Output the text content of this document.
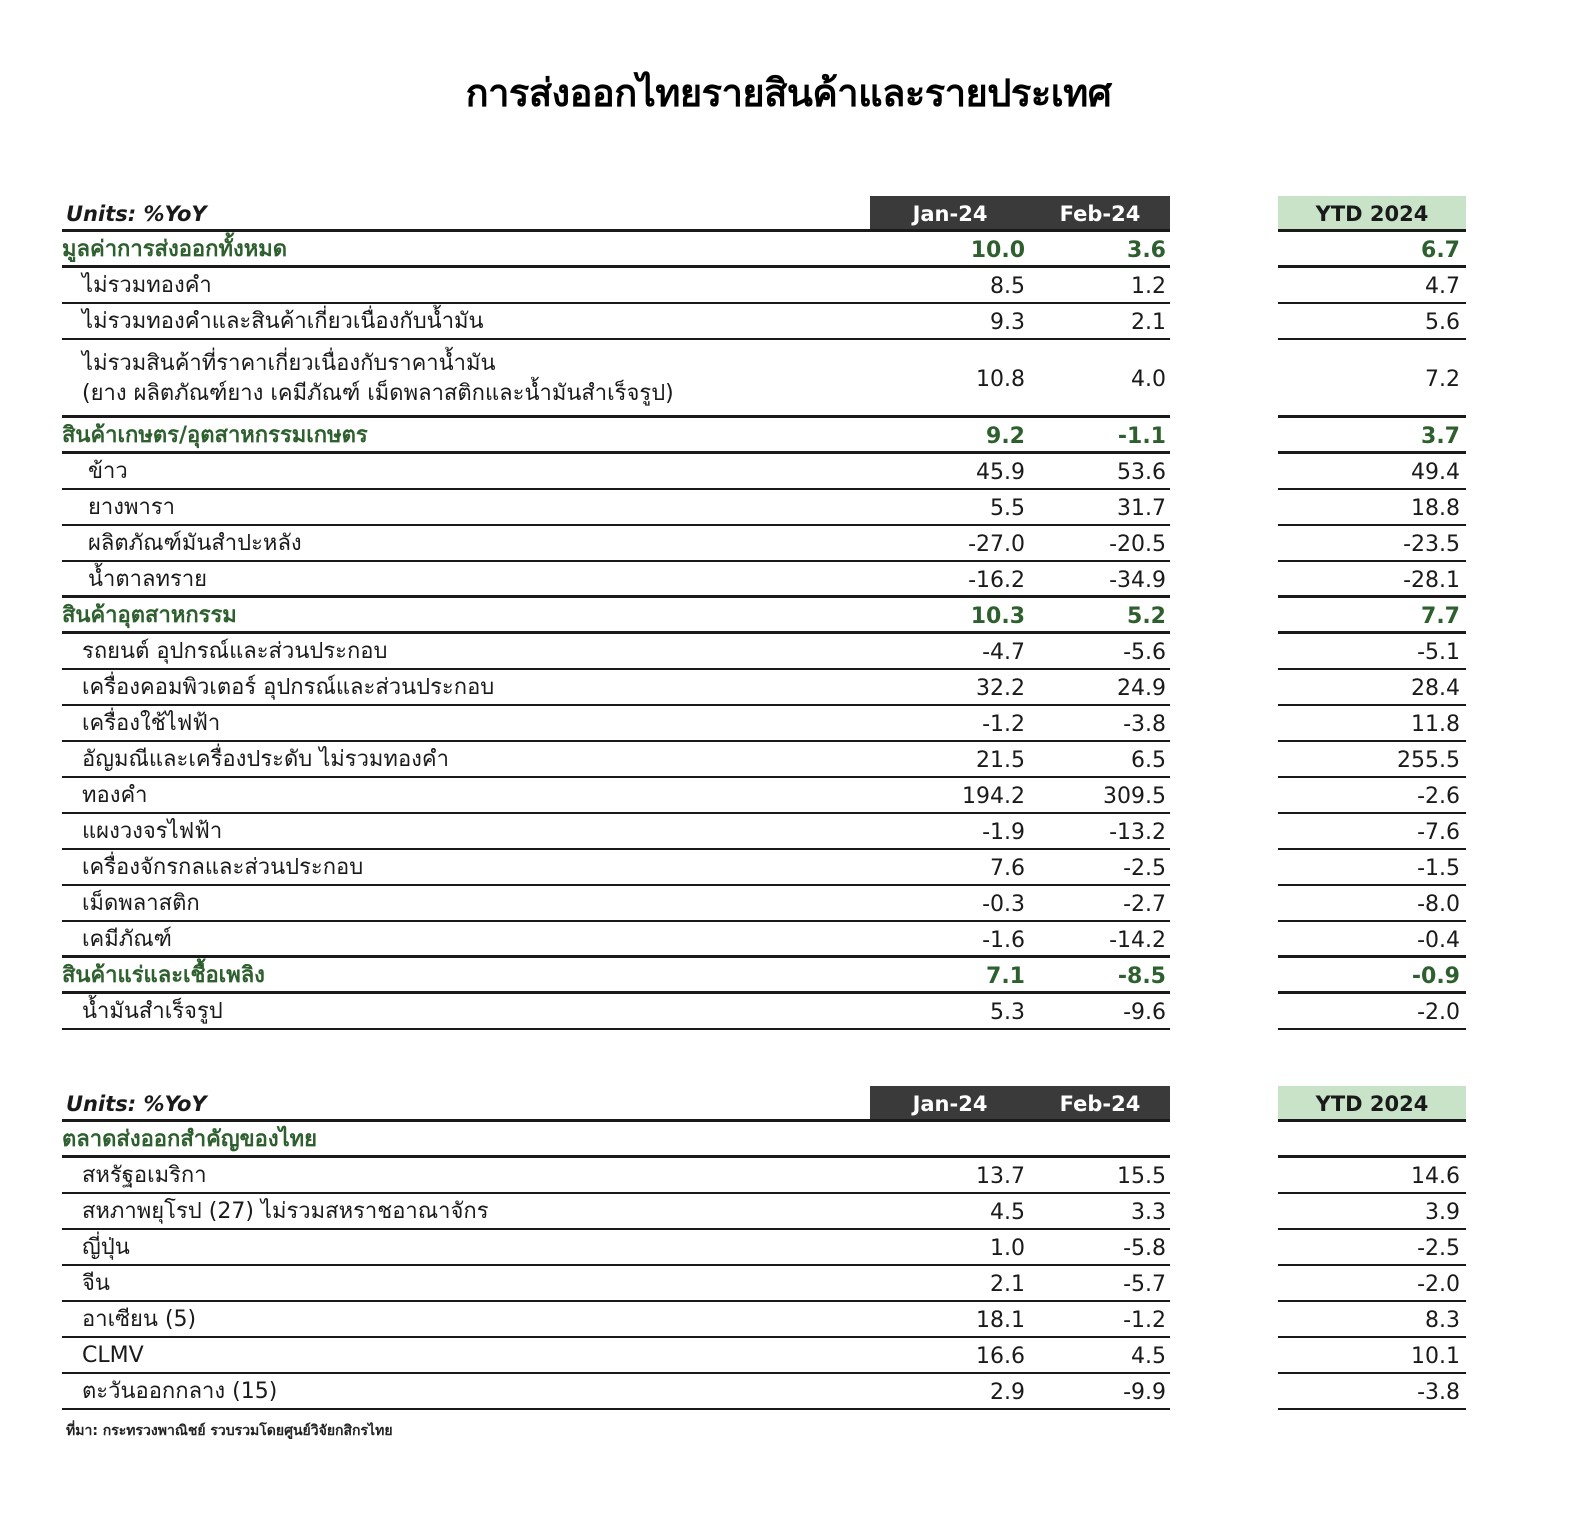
การส่งออกไทยรายสินค้าและรายประเทศ
Units: %YoY	Jan-24	Feb-24	YTD 2024
มูลค่าการส่งออกทั้งหมด	10.0	3.6	6.7
ไม่รวมทองคำ	8.5	1.2	4.7
ไม่รวมทองคำและสินค้าเกี่ยวเนื่องกับน้ำมัน	9.3	2.1	5.6
ไม่รวมสินค้าที่ราคาเกี่ยวเนื่องกับราคาน้ำมัน
(ยาง ผลิตภัณฑ์ยาง เคมีภัณฑ์ เม็ดพลาสติกและน้ำมันสำเร็จรูป)
10.8	4.0	7.2
สินค้าเกษตร/อุตสาหกรรมเกษตร	9.2	-1.1	3.7
ข้าว	45.9	53.6	49.4
ยางพารา	5.5	31.7	18.8
ผลิตภัณฑ์มันสำปะหลัง	-27.0	-20.5	-23.5
น้ำตาลทราย	-16.2	-34.9	-28.1
สินค้าอุตสาหกรรม	10.3	5.2	7.7
รถยนต์ อุปกรณ์และส่วนประกอบ	-4.7	-5.6	-5.1
เครื่องคอมพิวเตอร์ อุปกรณ์และส่วนประกอบ	32.2	24.9	28.4
เครื่องใช้ไฟฟ้า	-1.2	-3.8	11.8
อัญมณีและเครื่องประดับ ไม่รวมทองคำ	21.5	6.5	255.5
ทองคำ	194.2	309.5	-2.6
แผงวงจรไฟฟ้า	-1.9	-13.2	-7.6
เครื่องจักรกลและส่วนประกอบ	7.6	-2.5	-1.5
เม็ดพลาสติก	-0.3	-2.7	-8.0
เคมีภัณฑ์	-1.6	-14.2	-0.4
สินค้าแร่และเชื้อเพลิง	7.1	-8.5	-0.9
น้ำมันสำเร็จรูป	5.3	-9.6	-2.0
Units: %YoY	Jan-24	Feb-24	YTD 2024
ตลาดส่งออกสำคัญของไทย
สหรัฐอเมริกา	13.7	15.5	14.6
สหภาพยุโรป (27) ไม่รวมสหราชอาณาจักร	4.5	3.3	3.9
ญี่ปุ่น	1.0	-5.8	-2.5
จีน	2.1	-5.7	-2.0
อาเซียน (5)	18.1	-1.2	8.3
CLMV	16.6	4.5	10.1
ตะวันออกกลาง (15)	2.9	-9.9	-3.8
ที่มา: กระทรวงพาณิชย์ รวบรวมโดยศูนย์วิจัยกสิกรไทย
